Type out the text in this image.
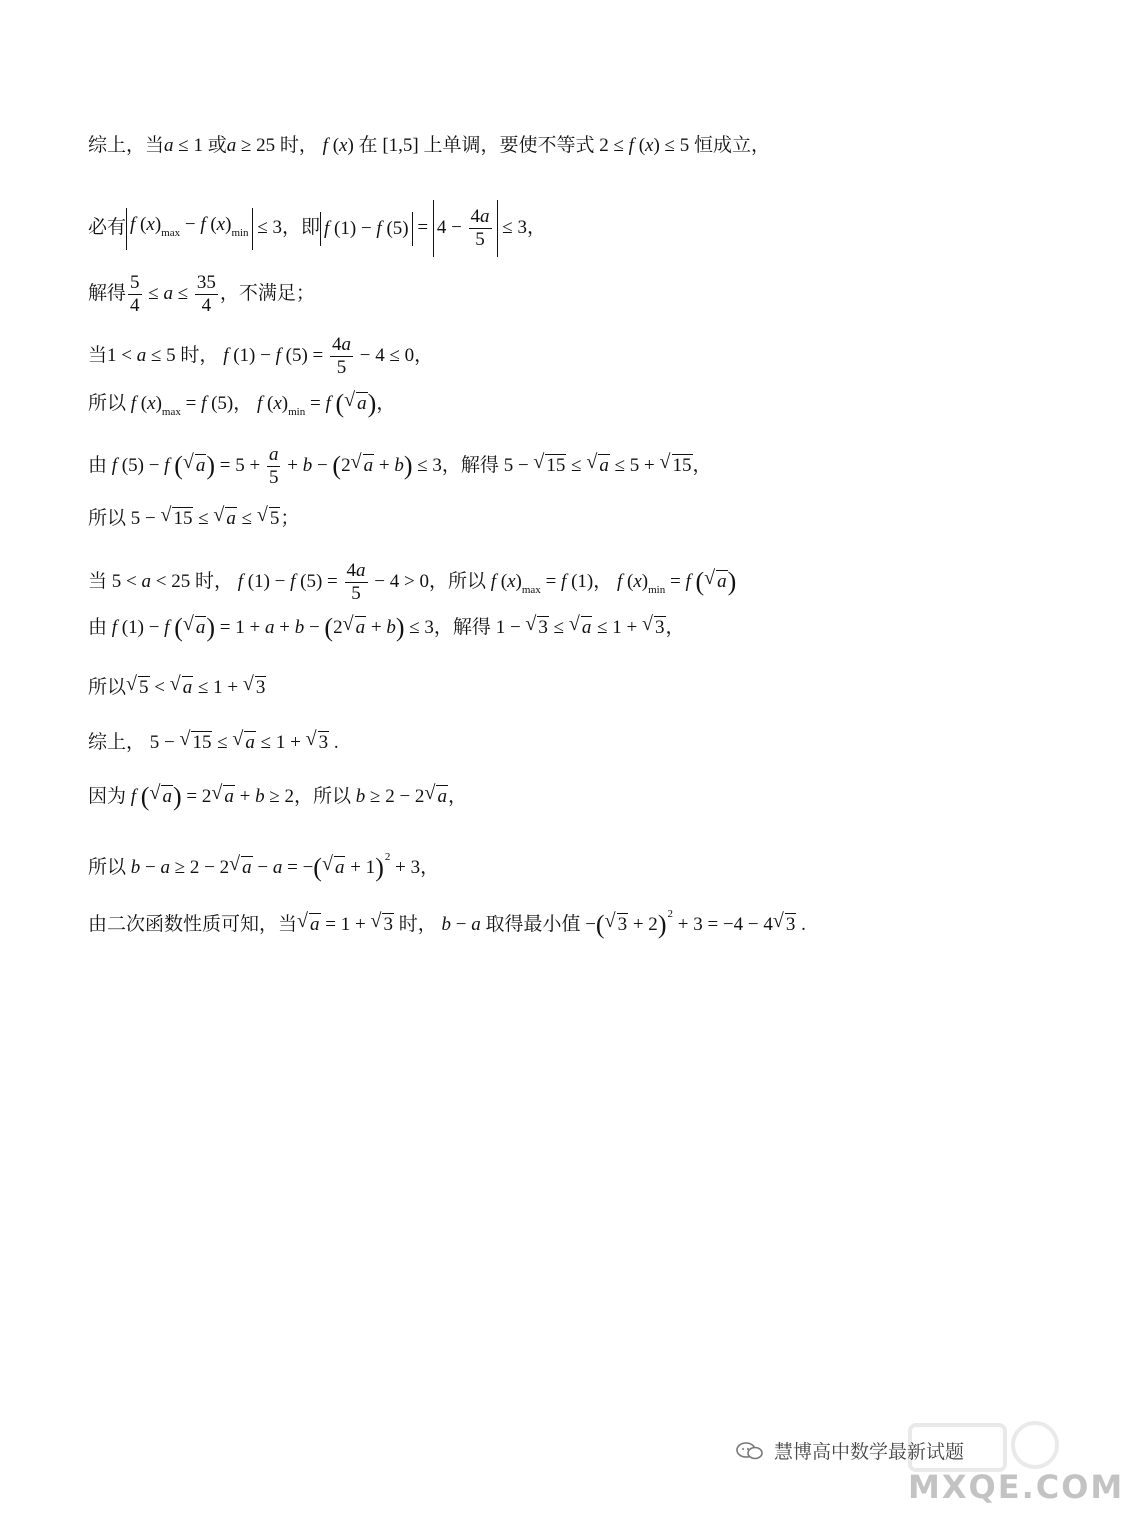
综上，当a ≤ 1 或a ≥ 25 时， f (x) 在 [1,5] 上单调，要使不等式 2 ≤ f (x) ≤ 5 恒成立，
必有 f $(x)_{max} - f$ $(x)_{min} \le 3$，即 f (1) − f $(5) = 4 - \frac{4a}{5} \le 3$，
解得 $\frac{5}{4} \le a \le \frac{35}{4}$ ，不满足；
当1 < a ≤ 5 时， f (1) − f $(5) = \frac{4a}{5} - 4 \le 0$，
所以 f $(x)_{max} = f$ (5)， f $(x)_{min} = f$ (√ a)，
由 f (5) − f (√ $a) = 5 + \frac{a}{5} + b - (2√$ a + b) ≤ 3，解得 5 − √ 15 ≤ √ a ≤ 5 + √ 15，
所以 5 − √ 15 ≤ √ a ≤ √ 5；
当 5 < a < 25 时， f (1) − f $(5) = \frac{4a}{5} - 4 > 0$，所以 f $(x)_{max} = f$ (1)， f $(x)_{min} = f$ (√ a)
由 f (1) − f (√ a) = 1 + a + b − (2√ a + b) ≤ 3，解得 1 − √ 3 ≤ √ a ≤ 1 + √ 3，
所以√ 5 < √ a ≤ 1 + √ 3
综上， 5 − √ 15 ≤ √ a ≤ 1 + √ 3 .
因为 f (√ a) = 2√ a + b ≥ 2，所以 b ≥ 2 − 2√ a，
所以 b − a ≥ 2 − 2√ a − a = −(√ a + 1)$^2$ + 3，
由二次函数性质可知，当√ a = 1 + √ 3 时， b − a 取得最小值 −(√ 3 + 2)$^2$ + 3 = −4 − 4√ 3 .
MXQE.COM
慧博高中数学最新试题
